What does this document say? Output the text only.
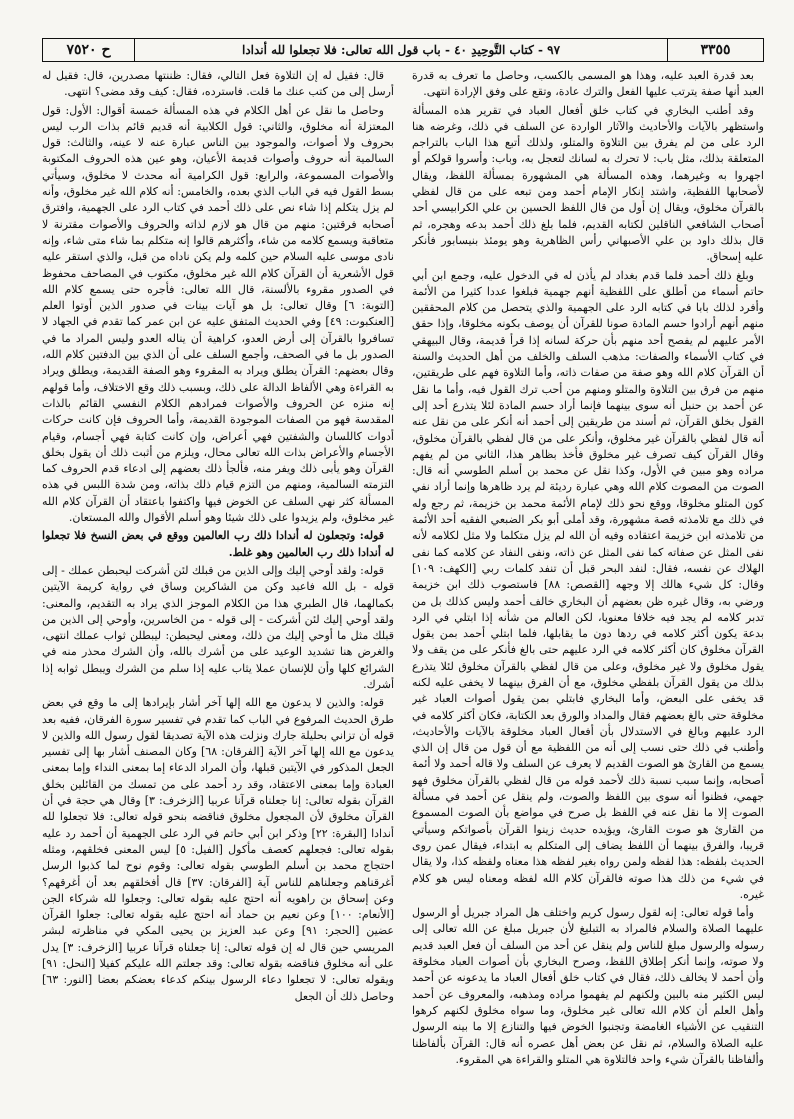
٣٣٥٥
٩٧ - كتاب التَّوحِيدِ ٤٠ - باب قول الله تعالى: فلا تجعلوا لله أندادا
ح ٧٥٢٠

بعد قدرة العبد عليه، وهذا هو المسمى بالكسب، وحاصل ما تعرف به قدرة العبد أنها صفة يترتب عليها الفعل والترك عادة، وتقع على وفق الإرادة انتهى.

وقد أطنب البخاري في كتاب خلق أفعال العباد في تقرير هذه المسألة واستظهر بالآيات والأحاديث والآثار الواردة عن السلف في ذلك، وغرضه هنا الرد على من لم يفرق بين التلاوة والمتلو، ولذلك أتبع هذا الباب بالتراجم المتعلقة بذلك، مثل باب: لا تحرك به لسانك لتعجل به، وباب: وأسروا قولكم أو اجهروا به وغيرهما، وهذه المسألة هي المشهورة بمسألة اللفظ، ويقال لأصحابها اللفظية، واشتد إنكار الإمام أحمد ومن تبعه على من قال لفظي بالقرآن مخلوق، ويقال إن أول من قال اللفظ الحسين بن علي الكرابيسي أحد أصحاب الشافعي الناقلين لكتابه القديم، فلما بلغ ذلك أحمد بدعه وهجره، ثم قال بذلك داود بن علي الأصبهاني رأس الظاهرية وهو يومئذ بنيسابور فأنكر عليه إسحاق.

وبلغ ذلك أحمد فلما قدم بغداد لم يأذن له في الدخول عليه، وجمع ابن أبي حاتم أسماء من أطلق على اللفظية أنهم جهمية فبلغوا عددا كثيرا من الأئمة وأفرد لذلك بابا في كتابه الرد على الجهمية والذي يتحصل من كلام المحققين منهم أنهم أرادوا حسم المادة صونا للقرآن أن يوصف بكونه مخلوقا، وإذا حقق الأمر عليهم لم يفصح أحد منهم بأن حركة لسانه إذا قرأ قديمة، وقال البيهقي في كتاب الأسماء والصفات: مذهب السلف والخلف من أهل الحديث والسنة أن القرآن كلام الله وهو صفة من صفات ذاته، وأما التلاوة فهم على طريقتين، منهم من فرق بين التلاوة والمتلو ومنهم من أحب ترك القول فيه، وأما ما نقل عن أحمد بن حنبل أنه سوى بينهما فإنما أراد حسم المادة لئلا يتذرع أحد إلى القول بخلق القرآن، ثم أسند من طريقين إلى أحمد أنه أنكر على من نقل عنه أنه قال لفظي بالقرآن غير مخلوق، وأنكر على من قال لفظي بالقرآن مخلوق، وقال القرآن كيف تصرف غير مخلوق فأخذ بظاهر هذا، الثاني من لم يفهم مراده وهو مبين في الأول، وكذا نقل عن محمد بن أسلم الطوسي أنه قال: الصوت من المصوت كلام الله وهي عبارة رديئة لم يرد ظاهرها وإنما أراد نفي كون المتلو مخلوقا، ووقع نحو ذلك لإمام الأئمة محمد بن خزيمة، ثم رجع وله في ذلك مع تلامذته قصة مشهورة، وقد أملى أبو بكر الضبعي الفقيه أحد الأئمة من تلامذته ابن خزيمة اعتقاده وفيه أن الله لم يزل متكلما ولا مثل لكلامه لأنه نفى المثل عن صفاته كما نفى المثل عن ذاته، ونفى النفاد عن كلامه كما نفى الهلاك عن نفسه، فقال: لنفد البحر قبل أن تنفد كلمات ربي [الكهف: ١٠٩] وقال: كل شيء هالك إلا وجهه [القصص: ٨٨] فاستصوب ذلك ابن خزيمة ورضي به، وقال غيره ظن بعضهم أن البخاري خالف أحمد وليس كذلك بل من تدبر كلامه لم يجد فيه خلافا معنويا، لكن العالم من شأنه إذا ابتلي في الرد بدعة يكون أكثر كلامه في ردها دون ما يقابلها، فلما ابتلي أحمد بمن يقول القرآن مخلوق كان أكثر كلامه في الرد عليهم حتى بالغ فأنكر على من يقف ولا يقول مخلوق ولا غير مخلوق، وعلى من قال لفظي بالقرآن مخلوق لئلا يتذرع بذلك من يقول القرآن بلفظي مخلوق، مع أن الفرق بينهما لا يخفى عليه لكنه قد يخفى على البعض، وأما البخاري فابتلي بمن يقول أصوات العباد غير مخلوقة حتى بالغ بعضهم فقال والمداد والورق بعد الكتابة، فكان أكثر كلامه في الرد عليهم وبالغ في الاستدلال بأن أفعال العباد مخلوقة بالآيات والأحاديث، وأطنب في ذلك حتى نسب إلى أنه من اللفظية مع أن قول من قال إن الذي يسمع من القارئ هو الصوت القديم لا يعرف عن السلف ولا قاله أحمد ولا أئمة أصحابه، وإنما سبب نسبة ذلك لأحمد قوله من قال لفظي بالقرآن مخلوق فهو جهمي، فظنوا أنه سوى بين اللفظ والصوت، ولم ينقل عن أحمد في مسألة الصوت إلا ما نقل عنه في اللفظ بل صرح في مواضع بأن الصوت المسموع من القارئ هو صوت القارئ، ويؤيده حديث زينوا القرآن بأصواتكم وسيأتي قريبا، والفرق بينهما أن اللفظ يضاف إلى المتكلم به ابتداء، فيقال عمن روى الحديث بلفظه: هذا لفظه ولمن رواه بغير لفظه هذا معناه ولفظه كذا، ولا يقال في شيء من ذلك هذا صوته فالقرآن كلام الله لفظه ومعناه ليس هو كلام غيره.

وأما قوله تعالى: إنه لقول رسول كريم واختلف هل المراد جبريل أو الرسول عليهما الصلاة والسلام فالمراد به التبليغ لأن جبريل مبلغ عن الله تعالى إلى رسوله والرسول مبلغ للناس ولم ينقل عن أحد من السلف أن فعل العبد قديم ولا صوته، وإنما أنكر إطلاق اللفظ، وصرح البخاري بأن أصوات العباد مخلوقة وأن أحمد لا يخالف ذلك، فقال في كتاب خلق أفعال العباد ما يدعونه عن أحمد ليس الكثير منه بالبين ولكنهم لم يفهموا مراده ومذهبه، والمعروف عن أحمد وأهل العلم أن كلام الله تعالى غير مخلوق، وما سواه مخلوق لكنهم كرهوا التنقيب عن الأشياء الغامضة وتجنبوا الخوض فيها والتنازع إلا ما بينه الرسول عليه الصلاة والسلام، ثم نقل عن بعض أهل عصره أنه قال: القرآن بألفاظنا وألفاظنا بالقرآن شيء واحد فالتلاوة هي المتلو والقراءة هي المقروء.

قال: فقيل له إن التلاوة فعل التالي، فقال: ظننتها مصدرين، قال: فقيل له أرسل إلى من كتب عنك ما قلت. فاسترده، فقال: كيف وقد مضى؟ انتهى.

وحاصل ما نقل عن أهل الكلام في هذه المسألة خمسة أقوال: الأول: قول المعتزلة أنه مخلوق، والثاني: قول الكلابية أنه قديم قائم بذات الرب ليس بحروف ولا أصوات، والموجود بين الناس عبارة عنه لا عينه، والثالث: قول السالمية أنه حروف وأصوات قديمة الأعيان، وهو عين هذه الحروف المكتوبة والأصوات المسموعة، والرابع: قول الكرامية أنه محدث لا مخلوق، وسيأتي بسط القول فيه في الباب الذي بعده، والخامس: أنه كلام الله غير مخلوق، وأنه لم يزل يتكلم إذا شاء نص على ذلك أحمد في كتاب الرد على الجهمية، وافترق أصحابه فرقتين: منهم من قال هو لازم لذاته والحروف والأصوات مقترنة لا متعاقبة ويسمع كلامه من شاء، وأكثرهم قالوا إنه متكلم بما شاء متى شاء، وإنه نادى موسى عليه السلام حين كلمه ولم يكن ناداه من قبل، والذي استقر عليه قول الأشعرية أن القرآن كلام الله غير مخلوق، مكتوب في المصاحف محفوظ في الصدور مقروء بالألسنة، قال الله تعالى: فأجره حتى يسمع كلام الله [التوبة: ٦] وقال تعالى: بل هو آيات بينات في صدور الذين أوتوا العلم [العنكبوت: ٤٩] وفي الحديث المتفق عليه عن ابن عمر كما تقدم في الجهاد لا تسافروا بالقرآن إلى أرض العدو، كراهية أن يناله العدو وليس المراد ما في الصدور بل ما في الصحف، وأجمع السلف على أن الذي بين الدفتين كلام الله، وقال بعضهم: القرآن يطلق ويراد به المقروء وهو الصفة القديمة، ويطلق ويراد به القراءة وهي الألفاظ الدالة على ذلك، وبسبب ذلك وقع الاختلاف، وأما قولهم إنه منزه عن الحروف والأصوات فمرادهم الكلام النفسي القائم بالذات المقدسة فهو من الصفات الموجودة القديمة، وأما الحروف فإن كانت حركات أدوات كاللسان والشفتين فهي أعراض، وإن كانت كتابة فهي أجسام، وقيام الأجسام والأعراض بذات الله تعالى محال، ويلزم من أثبت ذلك أن يقول بخلق القرآن وهو يأبى ذلك ويفر منه، فألجأ ذلك بعضهم إلى ادعاء قدم الحروف كما التزمته السالمية، ومنهم من التزم قيام ذلك بذاته، ومن شدة اللبس في هذه المسألة كثر نهي السلف عن الخوض فيها واكتفوا باعتقاد أن القرآن كلام الله غير مخلوق، ولم يزيدوا على ذلك شيئا وهو أسلم الأقوال والله المستعان.

قوله: وتجعلون له أندادا ذلك رب العالمين ووقع في بعض النسخ فلا تجعلوا له أندادا ذلك رب العالمين وهو غلط.

قوله: ولقد أوحي إليك وإلى الذين من قبلك لئن أشركت ليحبطن عملك - إلى قوله - بل الله فاعبد وكن من الشاكرين وساق في رواية كريمة الآيتين بكمالهما، قال الطبري هذا من الكلام الموجز الذي يراد به التقديم، والمعنى: ولقد أوحي إليك لئن أشركت - إلى قوله - من الخاسرين، وأوحي إلى الذين من قبلك مثل ما أوحي إليك من ذلك، ومعنى ليحبطن: ليبطلن ثواب عملك انتهى، والغرض هنا تشديد الوعيد على من أشرك بالله، وأن الشرك محذر منه في الشرائع كلها وأن للإنسان عملا يثاب عليه إذا سلم من الشرك ويبطل ثوابه إذا أشرك.

قوله: والذين لا يدعون مع الله إلها آخر أشار بإيرادها إلى ما وقع في بعض طرق الحديث المرفوع في الباب كما تقدم في تفسير سورة الفرقان، ففيه بعد قوله أن تزاني بحليلة جارك ونزلت هذه الآية تصديقا لقول رسول الله والذين لا يدعون مع الله إلها آخر الآية [الفرقان: ٦٨] وكان المصنف أشار بها إلى تفسير الجعل المذكور في الآيتين قبلها، وأن المراد الدعاء إما بمعنى النداء وإما بمعنى العبادة وإما بمعنى الاعتقاد، وقد رد أحمد على من تمسك من القائلين بخلق القرآن بقوله تعالى: إنا جعلناه قرآنا عربيا [الزخرف: ٣] وقال هي حجة في أن القرآن مخلوق لأن المجعول مخلوق فناقضه بنحو قوله تعالى: فلا تجعلوا لله أندادا [البقرة: ٢٢] وذكر ابن أبي حاتم في الرد على الجهمية أن أحمد رد عليه بقوله تعالى: فجعلهم كعصف مأكول [الفيل: ٥] ليس المعنى فخلقهم، ومثله احتجاج محمد بن أسلم الطوسي بقوله تعالى: وقوم نوح لما كذبوا الرسل أغرقناهم وجعلناهم للناس آية [الفرقان: ٣٧] قال أفخلقهم بعد أن أغرقهم؟ وعن إسحاق بن راهويه أنه احتج عليه بقوله تعالى: وجعلوا لله شركاء الجن [الأنعام: ١٠٠] وعن نعيم بن حماد أنه احتج عليه بقوله تعالى: جعلوا القرآن عضين [الحجر: ٩١] وعن عبد العزيز بن يحيى المكي في مناظرته لبشر المريسي حين قال له إن قوله تعالى: إنا جعلناه قرآنا عربيا [الزخرف: ٣] يدل على أنه مخلوق فناقضه بقوله تعالى: وقد جعلتم الله عليكم كفيلا [النحل: ٩١] ويقوله تعالى: لا تجعلوا دعاء الرسول بينكم كدعاء بعضكم بعضا [النور: ٦٣] وحاصل ذلك أن الجعل
